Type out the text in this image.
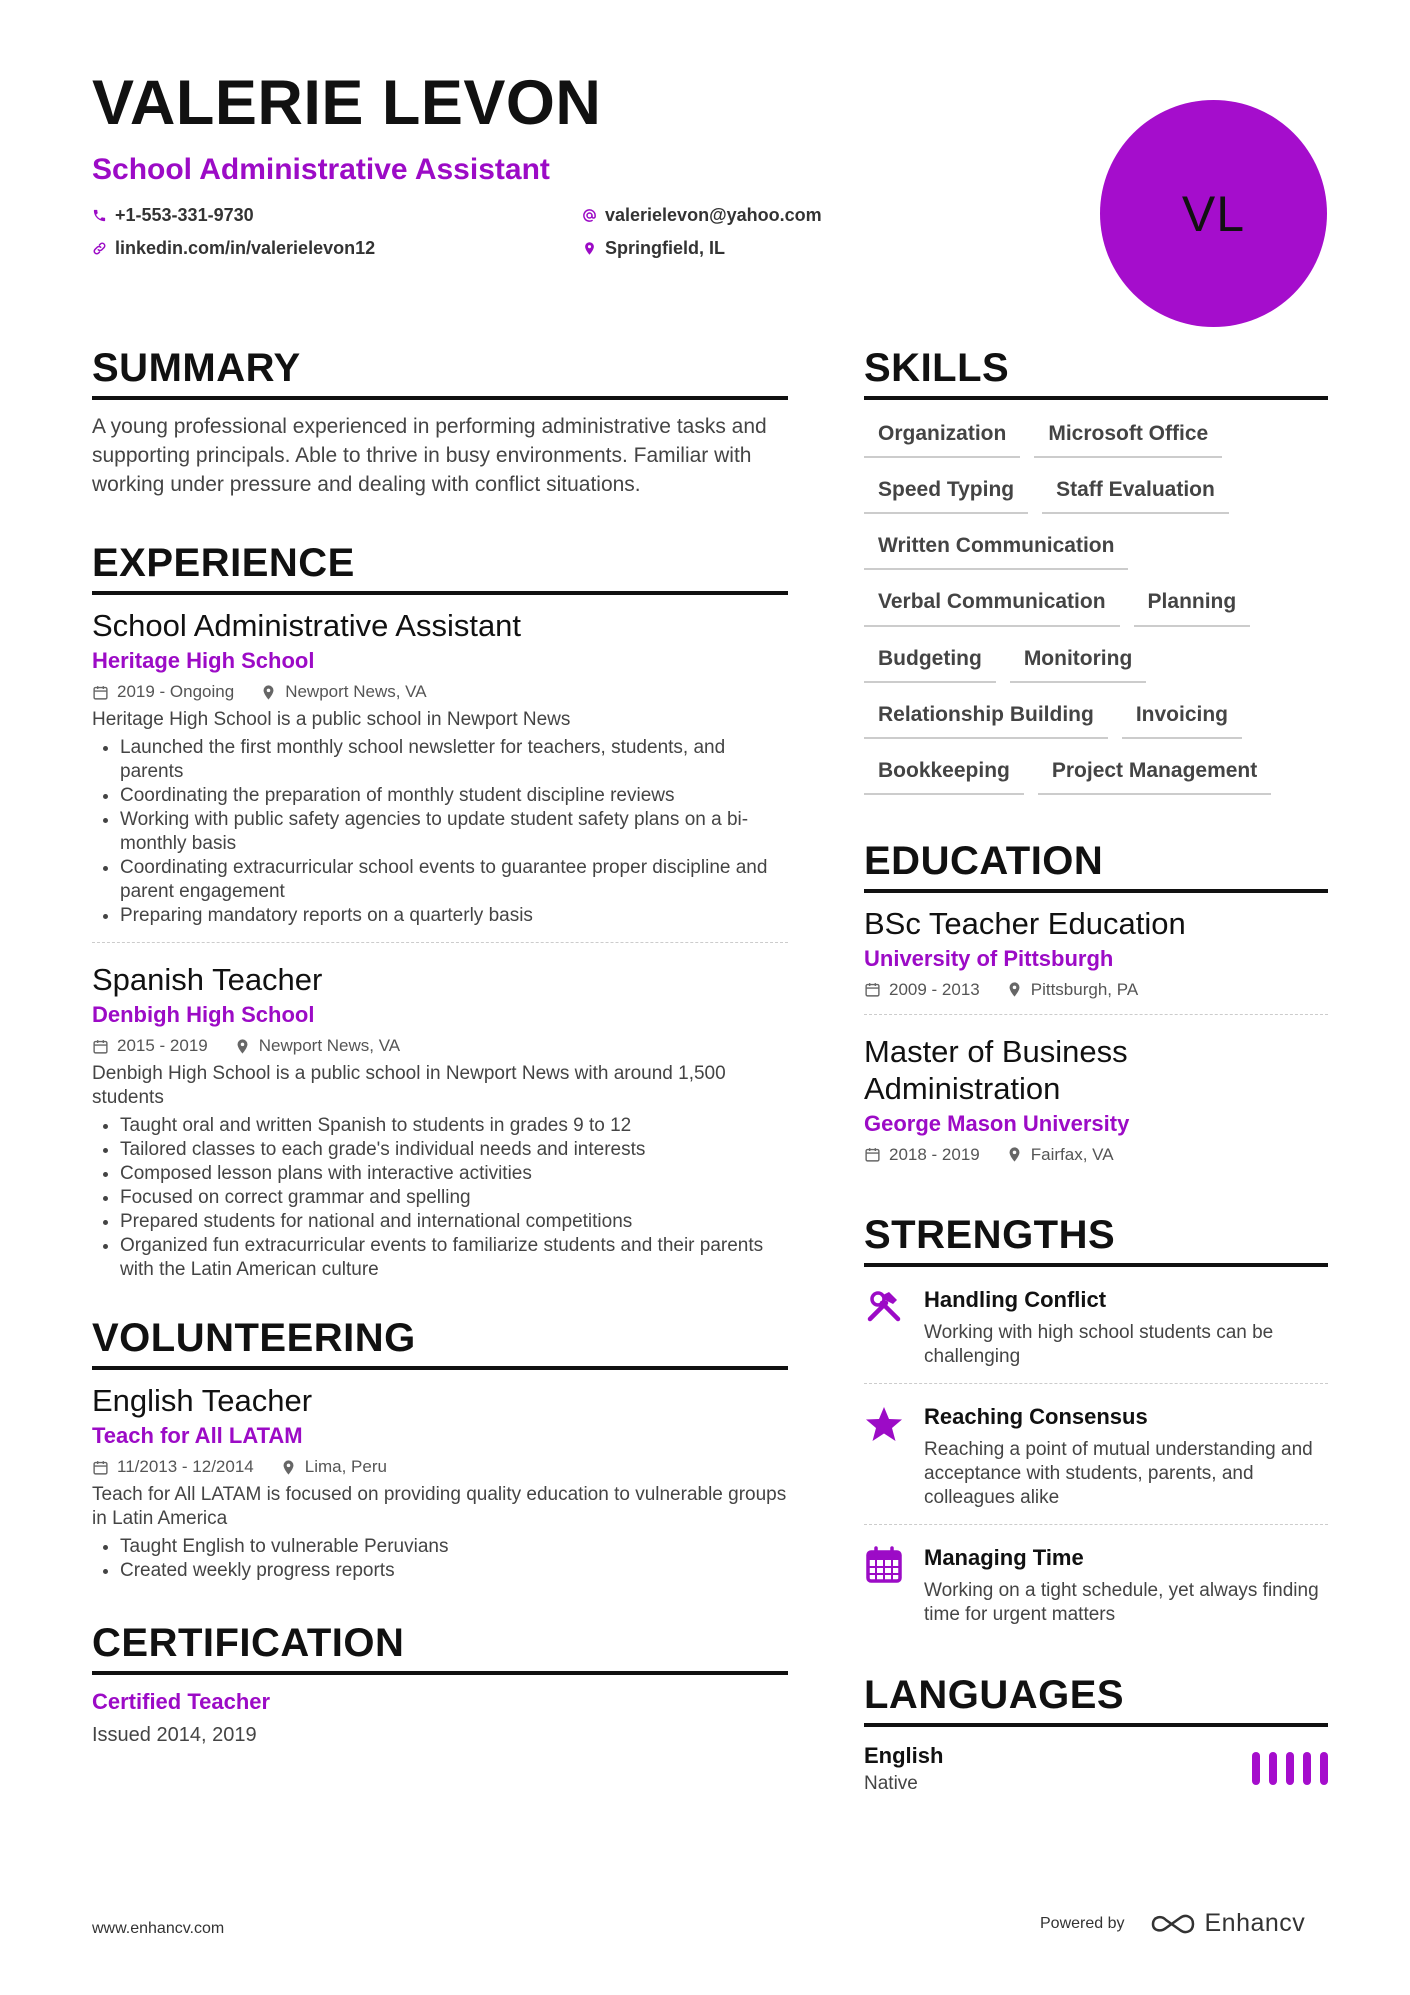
VALERIE LEVON
School Administrative Assistant
+1-553-331-9730	valerielevon@yahoo.com
linkedin.com/in/valerielevon12	Springfield, IL
VL
SUMMARY
A young professional experienced in performing administrative tasks and supporting principals. Able to thrive in busy environments. Familiar with working under pressure and dealing with conflict situations.
EXPERIENCE
School Administrative Assistant
Heritage High School
2019 - Ongoing	Newport News, VA
Heritage High School is a public school in Newport News
• Launched the first monthly school newsletter for teachers, students, and parents
• Coordinating the preparation of monthly student discipline reviews
• Working with public safety agencies to update student safety plans on a bi-monthly basis
• Coordinating extracurricular school events to guarantee proper discipline and parent engagement
• Preparing mandatory reports on a quarterly basis
Spanish Teacher
Denbigh High School
2015 - 2019	Newport News, VA
Denbigh High School is a public school in Newport News with around 1,500 students
• Taught oral and written Spanish to students in grades 9 to 12
• Tailored classes to each grade's individual needs and interests
• Composed lesson plans with interactive activities
• Focused on correct grammar and spelling
• Prepared students for national and international competitions
• Organized fun extracurricular events to familiarize students and their parents with the Latin American culture
VOLUNTEERING
English Teacher
Teach for All LATAM
11/2013 - 12/2014	Lima, Peru
Teach for All LATAM is focused on providing quality education to vulnerable groups in Latin America
• Taught English to vulnerable Peruvians
• Created weekly progress reports
CERTIFICATION
Certified Teacher
Issued 2014, 2019
SKILLS
Organization	Microsoft Office
Speed Typing	Staff Evaluation
Written Communication
Verbal Communication	Planning
Budgeting	Monitoring
Relationship Building	Invoicing
Bookkeeping	Project Management
EDUCATION
BSc Teacher Education
University of Pittsburgh
2009 - 2013	Pittsburgh, PA
Master of Business Administration
George Mason University
2018 - 2019	Fairfax, VA
STRENGTHS
Handling Conflict
Working with high school students can be challenging
Reaching Consensus
Reaching a point of mutual understanding and acceptance with students, parents, and colleagues alike
Managing Time
Working on a tight schedule, yet always finding time for urgent matters
LANGUAGES
English
Native
www.enhancv.com	Powered by	Enhancv
